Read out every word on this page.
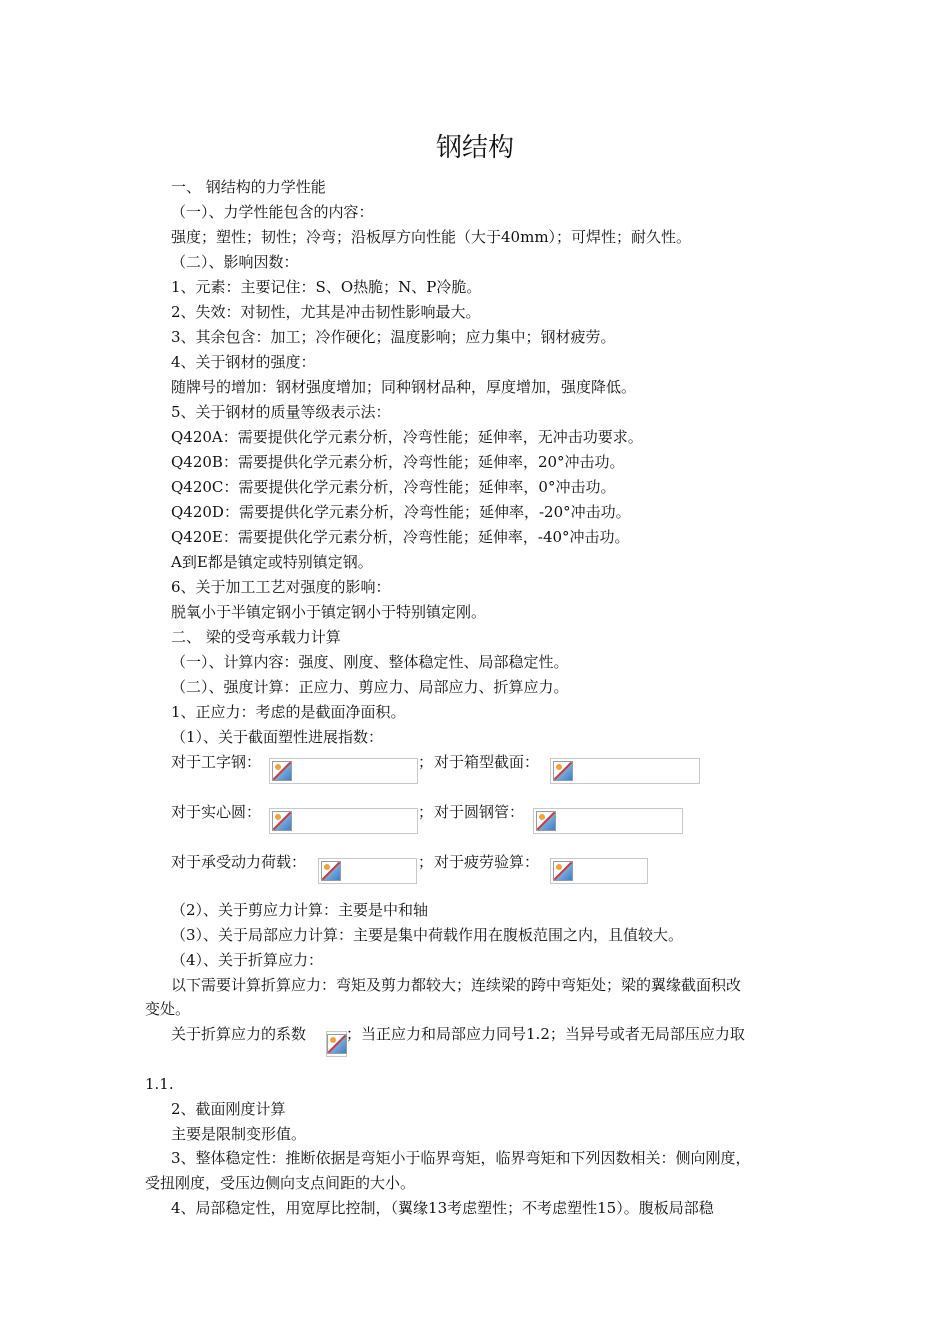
钢结构
一、 钢结构的力学性能
（一）、力学性能包含的内容：
强度；塑性；韧性；冷弯；沿板厚方向性能（大于40mm）；可焊性；耐久性。
（二）、影响因数：
1、元素：主要记住：S、O热脆；N、P冷脆。
2、失效：对韧性，尤其是冲击韧性影响最大。
3、其余包含：加工；冷作硬化；温度影响；应力集中；钢材疲劳。
4、关于钢材的强度：
随牌号的增加：钢材强度增加；同种钢材品种，厚度增加，强度降低。
5、关于钢材的质量等级表示法：
Q420A：需要提供化学元素分析，冷弯性能；延伸率，无冲击功要求。
Q420B：需要提供化学元素分析，冷弯性能；延伸率，20°冲击功。
Q420C：需要提供化学元素分析，冷弯性能；延伸率，0°冲击功。
Q420D：需要提供化学元素分析，冷弯性能；延伸率，-20°冲击功。
Q420E：需要提供化学元素分析，冷弯性能；延伸率，-40°冲击功。
A到E都是镇定或特别镇定钢。
6、关于加工工艺对强度的影响：
脱氧小于半镇定钢小于镇定钢小于特别镇定刚。
二、 梁的受弯承载力计算
（一）、计算内容：强度、刚度、整体稳定性、局部稳定性。
（二）、强度计算：正应力、剪应力、局部应力、折算应力。
1、正应力：考虑的是截面净面积。
（1）、关于截面塑性进展指数：
对于工字钢：	； 对于箱型截面：
对于实心圆：	； 对于圆钢管：
对于承受动力荷载：	； 对于疲劳验算：
（2）、关于剪应力计算：主要是中和轴
（3）、关于局部应力计算：主要是集中荷载作用在腹板范围之内，且值较大。
（4）、关于折算应力：
以下需要计算折算应力：弯矩及剪力都较大；连续梁的跨中弯矩处；梁的翼缘截面积改
变处。
关于折算应力的系数	；当正应力和局部应力同号1.2；当异号或者无局部压应力取
1.1.
2、截面刚度计算
主要是限制变形值。
3、整体稳定性：推断依据是弯矩小于临界弯矩，临界弯矩和下列因数相关：侧向刚度，
受扭刚度，受压边侧向支点间距的大小。
4、局部稳定性，用宽厚比控制，（翼缘13考虑塑性；不考虑塑性15）。腹板局部稳
